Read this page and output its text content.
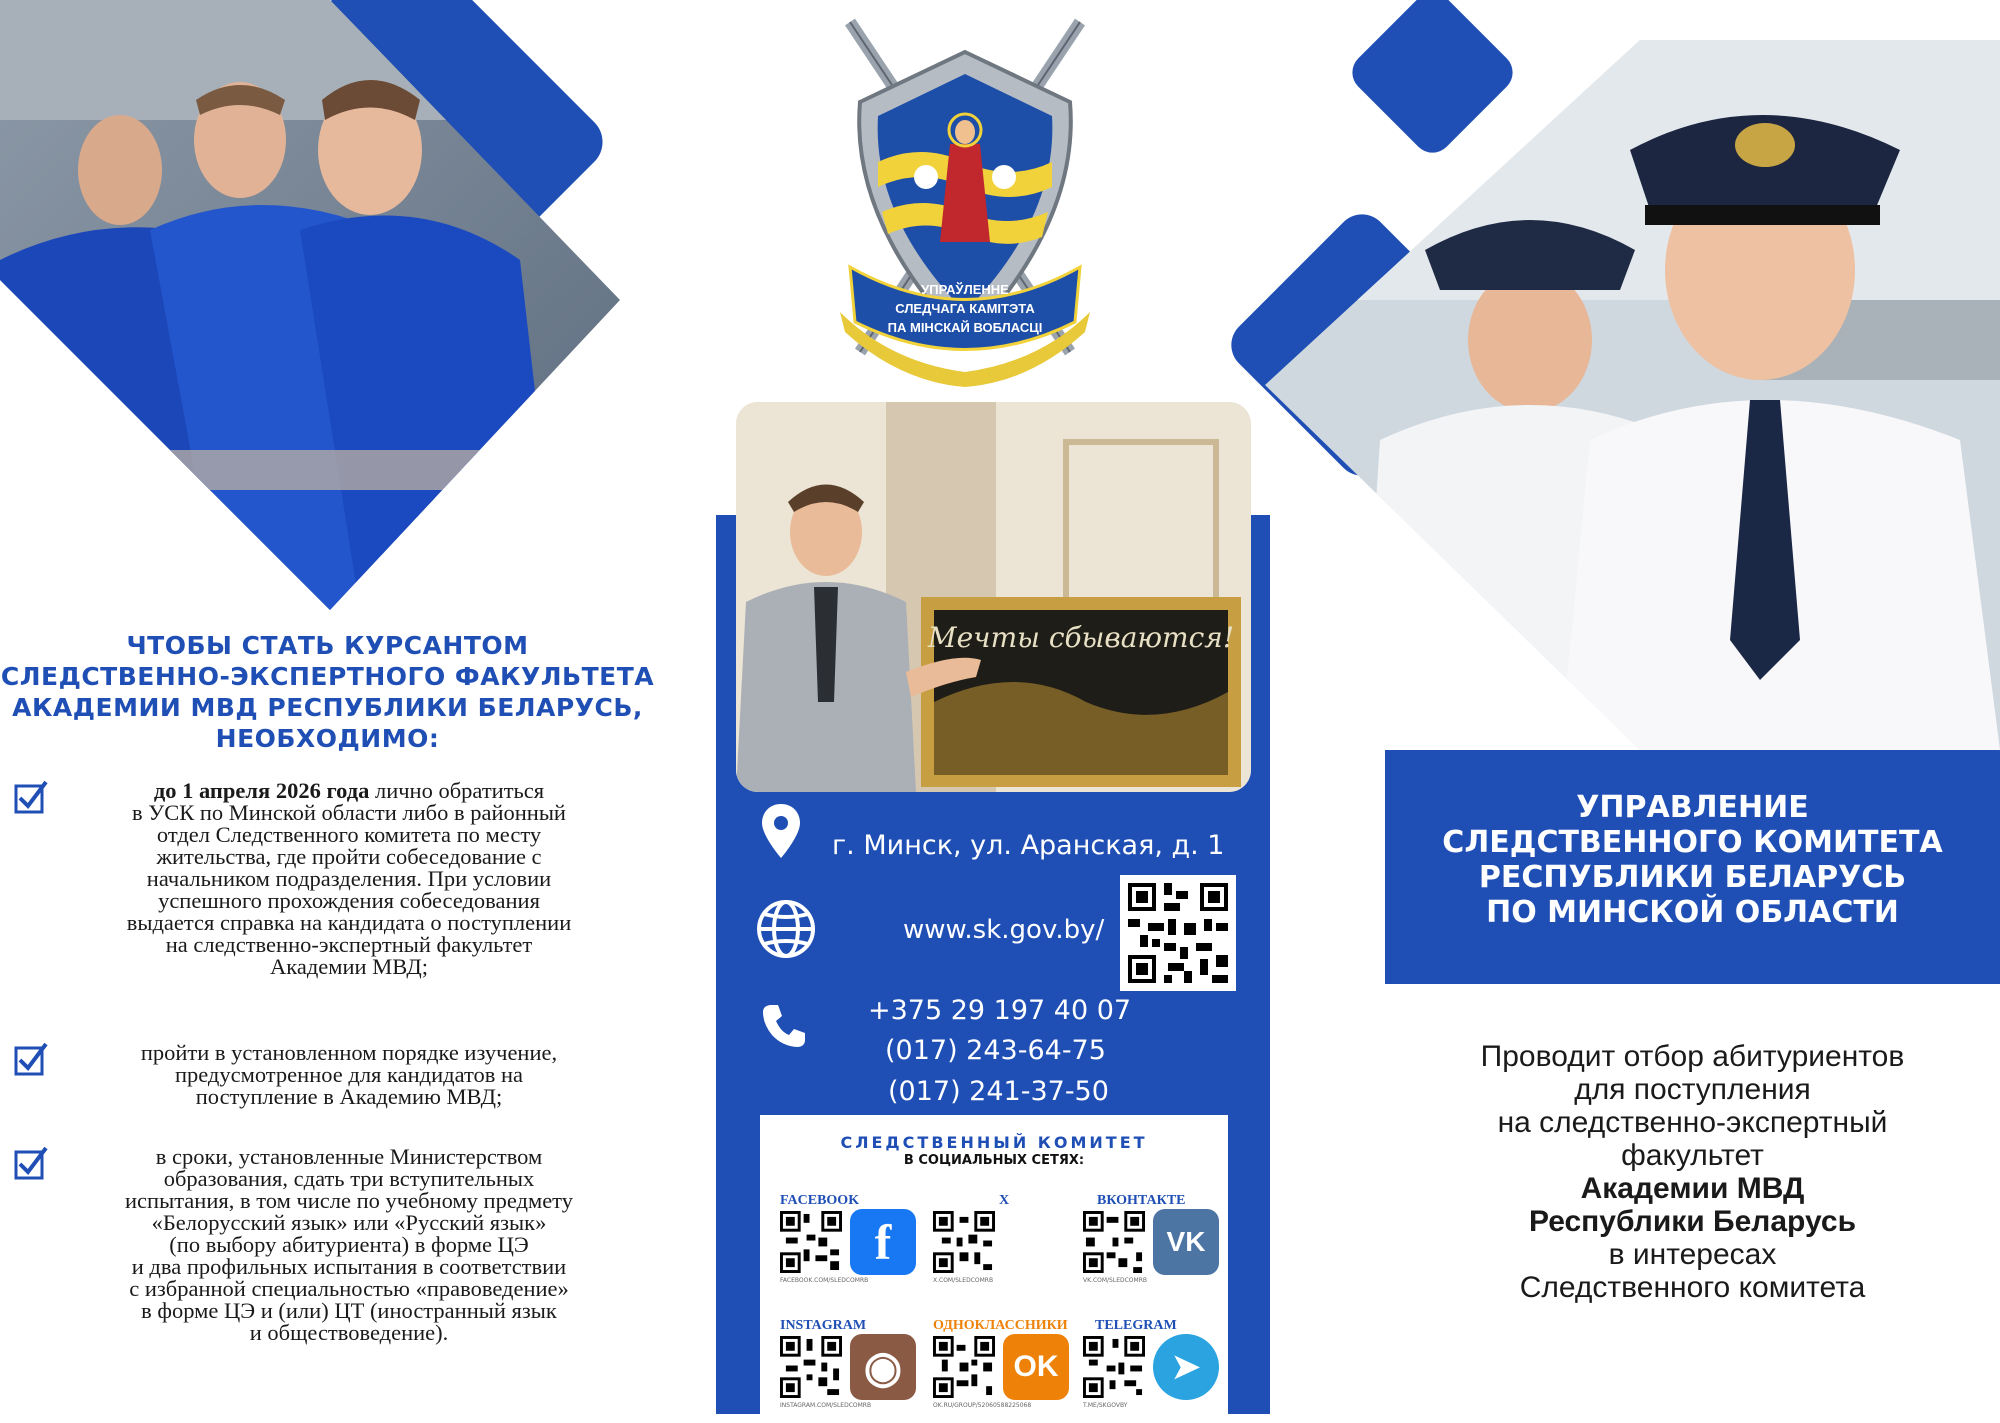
ЧТОБЫ СТАТЬ КУРСАНТОМ
СЛЕДСТВЕННО-ЭКСПЕРТНОГО ФАКУЛЬТЕТА
АКАДЕМИИ МВД РЕСПУБЛИКИ БЕЛАРУСЬ,
НЕОБХОДИМО:
до 1 апреля 2026 года лично обратиться
в УСК по Минской области либо в районный
отдел Следственного комитета по месту
жительства, где пройти собеседование с
начальником подразделения. При условии
успешного прохождения собеседования
выдается справка на кандидата о поступлении
на следственно-экспертный факультет
Академии МВД;
пройти в установленном порядке изучение,
предусмотренное для кандидатов на
поступление в Академию МВД;
в сроки, установленные Министерством
образования, сдать три вступительных
испытания, в том числе по учебному предмету
«Белорусский язык» или «Русский язык»
(по выбору абитуриента) в форме ЦЭ
и два профильных испытания в соответствии
с избранной специальностью «правоведение»
в форме ЦЭ и (или) ЦТ (иностранный язык
и обществоведение).
УПРАЎЛЕННЕ
СЛЕДЧАГА КАМІТЭТА
ПА МІНСКАЙ ВОБЛАСЦІ
Мечты сбываются!
г. Минск, ул. Аранская, д. 1
www.sk.gov.by/
+375 29 197 40 07
(017) 243-64-75
(017) 241-37-50
СЛЕДСТВЕННЫЙ КОМИТЕТ
В СОЦИАЛЬНЫХ СЕТЯХ:
FACEBOOK
f
FACEBOOK.COM/SLEDCOMRB
X
X
X.COM/SLEDCOMRB
ВКОНТАКТЕ
VK
VK.COM/SLEDCOMRB
INSTAGRAM
◉
INSTAGRAM.COM/SLEDCOMRB
ОДНОКЛАССНИКИ
OK
OK.RU/GROUP/52060588225068
TELEGRAM
➤
T.ME/SKGOVBY
УПРАВЛЕНИЕ
СЛЕДСТВЕННОГО КОМИТЕТА
РЕСПУБЛИКИ БЕЛАРУСЬ
ПО МИНСКОЙ ОБЛАСТИ
Проводит отбор абитуриентов
для поступления
на следственно-экспертный
факультет
Академии МВД
Республики Беларусь
в интересах
Следственного комитета
